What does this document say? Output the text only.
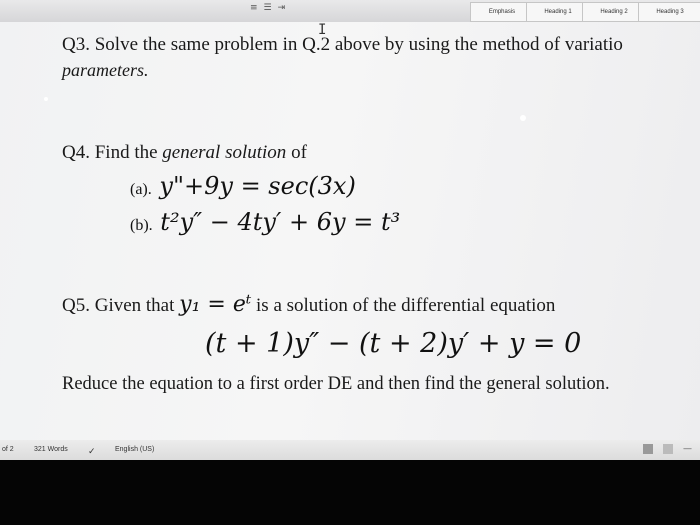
≡ ☰ ⇥	Emphasis	Heading 1	Heading 2	Heading 3
I
Q3. Solve the same problem in Q.2 above by using the method of variatio
parameters.
Q4. Find the general solution of
(a). y"+9y = sec(3x)
(b). t²y″ − 4ty′ + 6y = t³
Q5. Given that y₁ = eᵗ is a solution of the differential equation
(t + 1)y″ − (t + 2)y′ + y = 0
Reduce the equation to a first order DE and then find the general solution.
of 2	321 Words ✓	English (US)	—
